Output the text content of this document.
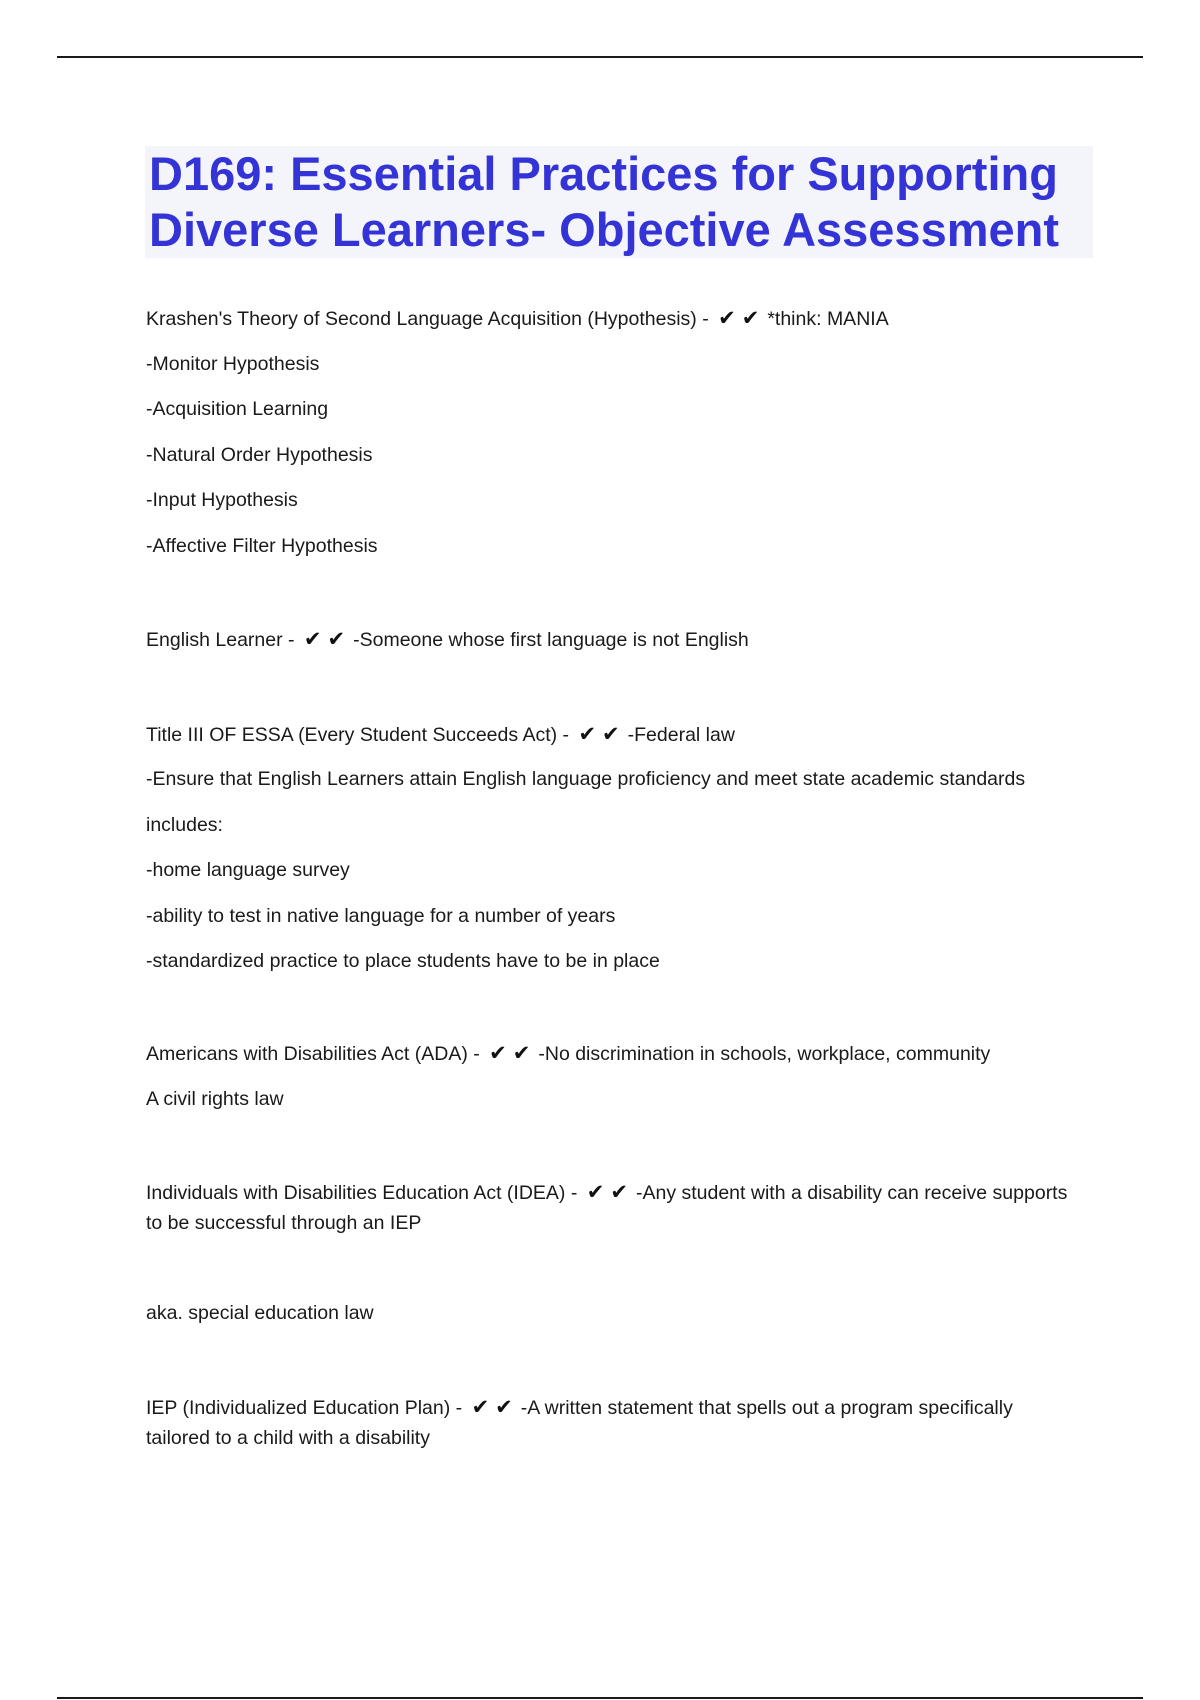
D169: Essential Practices for Supporting Diverse Learners- Objective Assessment
Krashen's Theory of Second Language Acquisition (Hypothesis) - ✔✔ *think: MANIA
-Monitor Hypothesis
-Acquisition Learning
-Natural Order Hypothesis
-Input Hypothesis
-Affective Filter Hypothesis
English Learner - ✔✔ -Someone whose first language is not English
Title III OF ESSA (Every Student Succeeds Act) - ✔✔ -Federal law
-Ensure that English Learners attain English language proficiency and meet state academic standards
includes:
-home language survey
-ability to test in native language for a number of years
-standardized practice to place students have to be in place
Americans with Disabilities Act (ADA) - ✔✔ -No discrimination in schools, workplace, community
A civil rights law
Individuals with Disabilities Education Act (IDEA) - ✔✔ -Any student with a disability can receive supports to be successful through an IEP
aka. special education law
IEP (Individualized Education Plan) - ✔✔ -A written statement that spells out a program specifically tailored to a child with a disability
